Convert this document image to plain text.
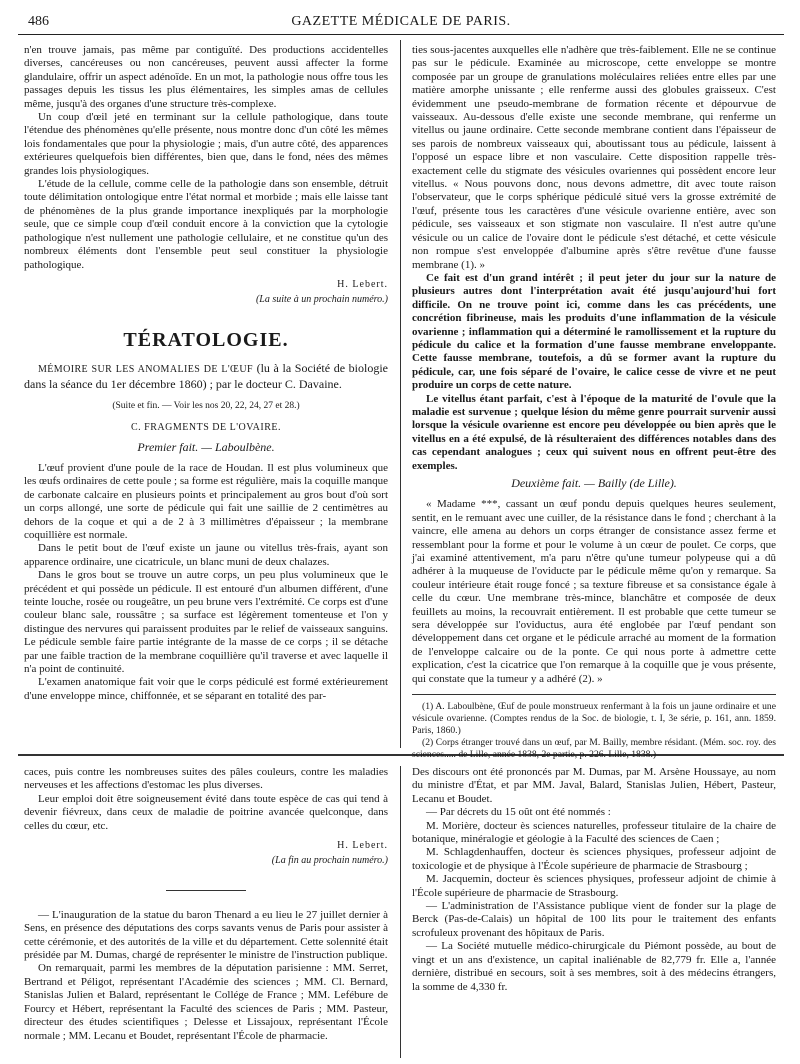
486	GAZETTE MÉDICALE DE PARIS.

n'en trouve jamais, pas même par contiguïté. Des productions accidentelles diverses, cancéreuses ou non cancéreuses, peuvent aussi affecter la forme glandulaire, offrir un aspect adénoïde. En un mot, la pathologie nous offre tous les passages depuis les tissus les plus élémentaires, les simples amas de cellules même, jusqu'à des organes d'une structure très-complexe.

Un coup d'œil jeté en terminant sur la cellule pathologique, dans toute l'étendue des phénomènes qu'elle présente, nous montre donc d'un côté les mêmes lois fondamentales que pour la physiologie ; mais, d'un autre côté, des apparences extérieures quelquefois bien différentes, bien que, dans le fond, nées des mêmes grandes lois physiologiques.

L'étude de la cellule, comme celle de la pathologie dans son ensemble, détruit toute délimitation ontologique entre l'état normal et morbide ; mais elle laisse tant de phénomènes de la plus grande importance inexpliqués par la morphologie seule, que ce simple coup d'œil conduit encore à la conviction que la cytologie pathologique n'est nullement une pathologie cellulaire, et ne constitue qu'un des nombreux éléments dont l'ensemble peut seul constituer la physiologie pathologique.

H. Lebert.

(La suite à un prochain numéro.)

TÉRATOLOGIE.

MÉMOIRE SUR LES ANOMALIES DE L'ŒUF (lu à la Société de biologie dans la séance du 1er décembre 1860) ; par le docteur C. Davaine.

(Suite et fin. — Voir les nos 20, 22, 24, 27 et 28.)

C. FRAGMENTS DE L'OVAIRE.

Premier fait. — Laboulbène.

L'œuf provient d'une poule de la race de Houdan. Il est plus volumineux que les œufs ordinaires de cette poule ; sa forme est régulière, mais la coquille manque de carbonate calcaire en plusieurs points et principalement au gros bout d'où sort un corps allongé, une sorte de pédicule qui fait une saillie de 2 centimètres au dehors de la coque et qui a de 2 à 3 millimètres d'épaisseur ; la membrane coquillière est normale.

Dans le petit bout de l'œuf existe un jaune ou vitellus très-frais, ayant son apparence ordinaire, une cicatricule, un blanc muni de deux chalazes.

Dans le gros bout se trouve un autre corps, un peu plus volumineux que le précédent et qui possède un pédicule. Il est entouré d'un albumen différent, d'une teinte louche, rosée ou rougeâtre, un peu brune vers l'extrémité. Ce corps est d'une couleur blanc sale, roussâtre ; sa surface est légèrement tomenteuse et l'on y distingue des nervures qui paraissent produites par le relief de vaisseaux sanguins. Le pédicule semble faire partie intégrante de la masse de ce corps ; il se détache par une faible traction de la membrane coquillière qu'il traverse et avec laquelle il n'a point de continuité.

L'examen anatomique fait voir que le corps pédiculé est formé extérieurement d'une enveloppe mince, chiffonnée, et se séparant en totalité des par-

ties sous-jacentes auxquelles elle n'adhère que très-faiblement. Elle ne se continue pas sur le pédicule. Examinée au microscope, cette enveloppe se montre composée par un groupe de granulations moléculaires reliées entre elles par une matière amorphe unissante ; elle renferme aussi des globules graisseux. C'est évidemment une pseudo-membrane de formation récente et dépourvue de vaisseaux. Au-dessous d'elle existe une seconde membrane, qui renferme un vitellus ou jaune ordinaire. Cette seconde membrane contient dans l'épaisseur de ses parois de nombreux vaisseaux qui, aboutissant tous au pédicule, laissent à l'opposé un espace libre et non vasculaire. Cette disposition rappelle très-exactement celle du stigmate des vésicules ovariennes qui possèdent encore leur vitellus. « Nous pouvons donc, nous devons admettre, dit avec toute raison l'observateur, que le corps sphérique pédiculé situé vers la grosse extrémité de l'œuf, présente tous les caractères d'une vésicule ovarienne entière, avec son pédicule, ses vaisseaux et son stigmate non vasculaire. Il n'est autre qu'une vésicule ou un calice de l'ovaire dont le pédicule s'est détaché, et cette vésicule non rompue s'est enveloppée d'albumine après s'être revêtue d'une fausse membrane (1). »

Ce fait est d'un grand intérêt ; il peut jeter du jour sur la nature de plusieurs autres dont l'interprétation avait été jusqu'aujourd'hui fort difficile. On ne trouve point ici, comme dans les cas précédents, une concrétion fibrineuse, mais les produits d'une inflammation de la vésicule ovarienne ; inflammation qui a déterminé le ramollissement et la rupture du pédicule du calice et la formation d'une fausse membrane enveloppante. Cette fausse membrane, toutefois, a dû se former avant la rupture du pédicule, car, une fois séparé de l'ovaire, le calice cesse de vivre et ne peut produire un corps de cette nature.

Le vitellus étant parfait, c'est à l'époque de la maturité de l'ovule que la maladie est survenue ; quelque lésion du même genre pourrait survenir aussi lorsque la vésicule ovarienne est encore peu développée ou bien après que le vitellus en a été expulsé, de là résulteraient des différences notables dans des cas cependant analogues ; ceux qui suivent nous en offrent peut-être des exemples.

Deuxième fait. — Bailly (de Lille).

« Madame ***, cassant un œuf pondu depuis quelques heures seulement, sentit, en le remuant avec une cuiller, de la résistance dans le fond ; cherchant à la vaincre, elle amena au dehors un corps étranger de consistance assez ferme et ressemblant pour la forme et pour le volume à un cœur de poulet. Ce corps, que j'ai examiné attentivement, m'a paru n'être qu'une tumeur polypeuse qui a dû adhérer à la muqueuse de l'oviducte par le pédicule même qu'on y remarque. Sa couleur intérieure était rouge foncé ; sa texture fibreuse et sa consistance égale à celle du cœur. Une membrane très-mince, blanchâtre et composée de deux feuillets au moins, la recouvrait entièrement. Il est probable que cette tumeur se sera développée sur l'oviductus, aura été englobée par l'œuf pendant son développement dans cet organe et le pédicule arraché au moment de la formation de l'enveloppe calcaire ou de la ponte. Ce qui nous porte à admettre cette explication, c'est la cicatrice que l'on remarque à la coquille que je vous présente, qui constate que la tumeur y a adhéré (2). »

(1) A. Laboulbène, Œuf de poule monstrueux renfermant à la fois un jaune ordinaire et une vésicule ovarienne. (Comptes rendus de la Soc. de biologie, t. I, 3e série, p. 161, ann. 1859. Paris, 1860.)

(2) Corps étranger trouvé dans un œuf, par M. Bailly, membre résidant. (Mém. soc. roy. des sciences..... de Lille, année 1838, 2e partie, p. 226. Lille, 1838.)

caces, puis contre les nombreuses suites des pâles couleurs, contre les maladies nerveuses et les affections d'estomac les plus diverses.

Leur emploi doit être soigneusement évité dans toute espèce de cas qui tend à devenir fiévreux, dans ceux de maladie de poitrine avancée quelconque, dans celles du cœur, etc.

H. Lebert.

(La fin au prochain numéro.)

— L'inauguration de la statue du baron Thenard a eu lieu le 27 juillet dernier à Sens, en présence des députations des corps savants venus de Paris pour assister à cette cérémonie, et des autorités de la ville et du département. Cette solennité était présidée par M. Dumas, chargé de représenter le ministre de l'instruction publique.

On remarquait, parmi les membres de la députation parisienne : MM. Serret, Bertrand et Péligot, représentant l'Académie des sciences ; MM. Cl. Bernard, Stanislas Julien et Balard, représentant le Collége de France ; MM. Lefébure de Fourcy et Hébert, représentant la Faculté des sciences de Paris ; MM. Pasteur, directeur des études scientifiques ; Delesse et Lissajoux, représentant l'École normale ; MM. Lecanu et Boudet, représentant l'École de pharmacie.

Des discours ont été prononcés par M. Dumas, par M. Arsène Houssaye, au nom du ministre d'État, et par MM. Javal, Balard, Stanislas Julien, Hébert, Pasteur, Lecanu et Boudet.

— Par décrets du 15 oût ont été nommés :

M. Morière, docteur ès sciences naturelles, professeur titulaire de la chaire de botanique, minéralogie et géologie à la Faculté des sciences de Caen ;

M. Schlagdenhauffen, docteur ès sciences physiques, professeur adjoint de toxicologie et de physique à l'École supérieure de pharmacie de Strasbourg ;

M. Jacquemin, docteur ès sciences physiques, professeur adjoint de chimie à l'École supérieure de pharmacie de Strasbourg.

— L'administration de l'Assistance publique vient de fonder sur la plage de Berck (Pas-de-Calais) un hôpital de 100 lits pour le traitement des enfants scrofuleux provenant des hôpitaux de Paris.

— La Société mutuelle médico-chirurgicale du Piémont possède, au bout de vingt et un ans d'existence, un capital inaliénable de 82,779 fr. Elle a, l'année dernière, distribué en secours, soit à ses membres, soit à des médecins étrangers, la somme de 4,330 fr.
